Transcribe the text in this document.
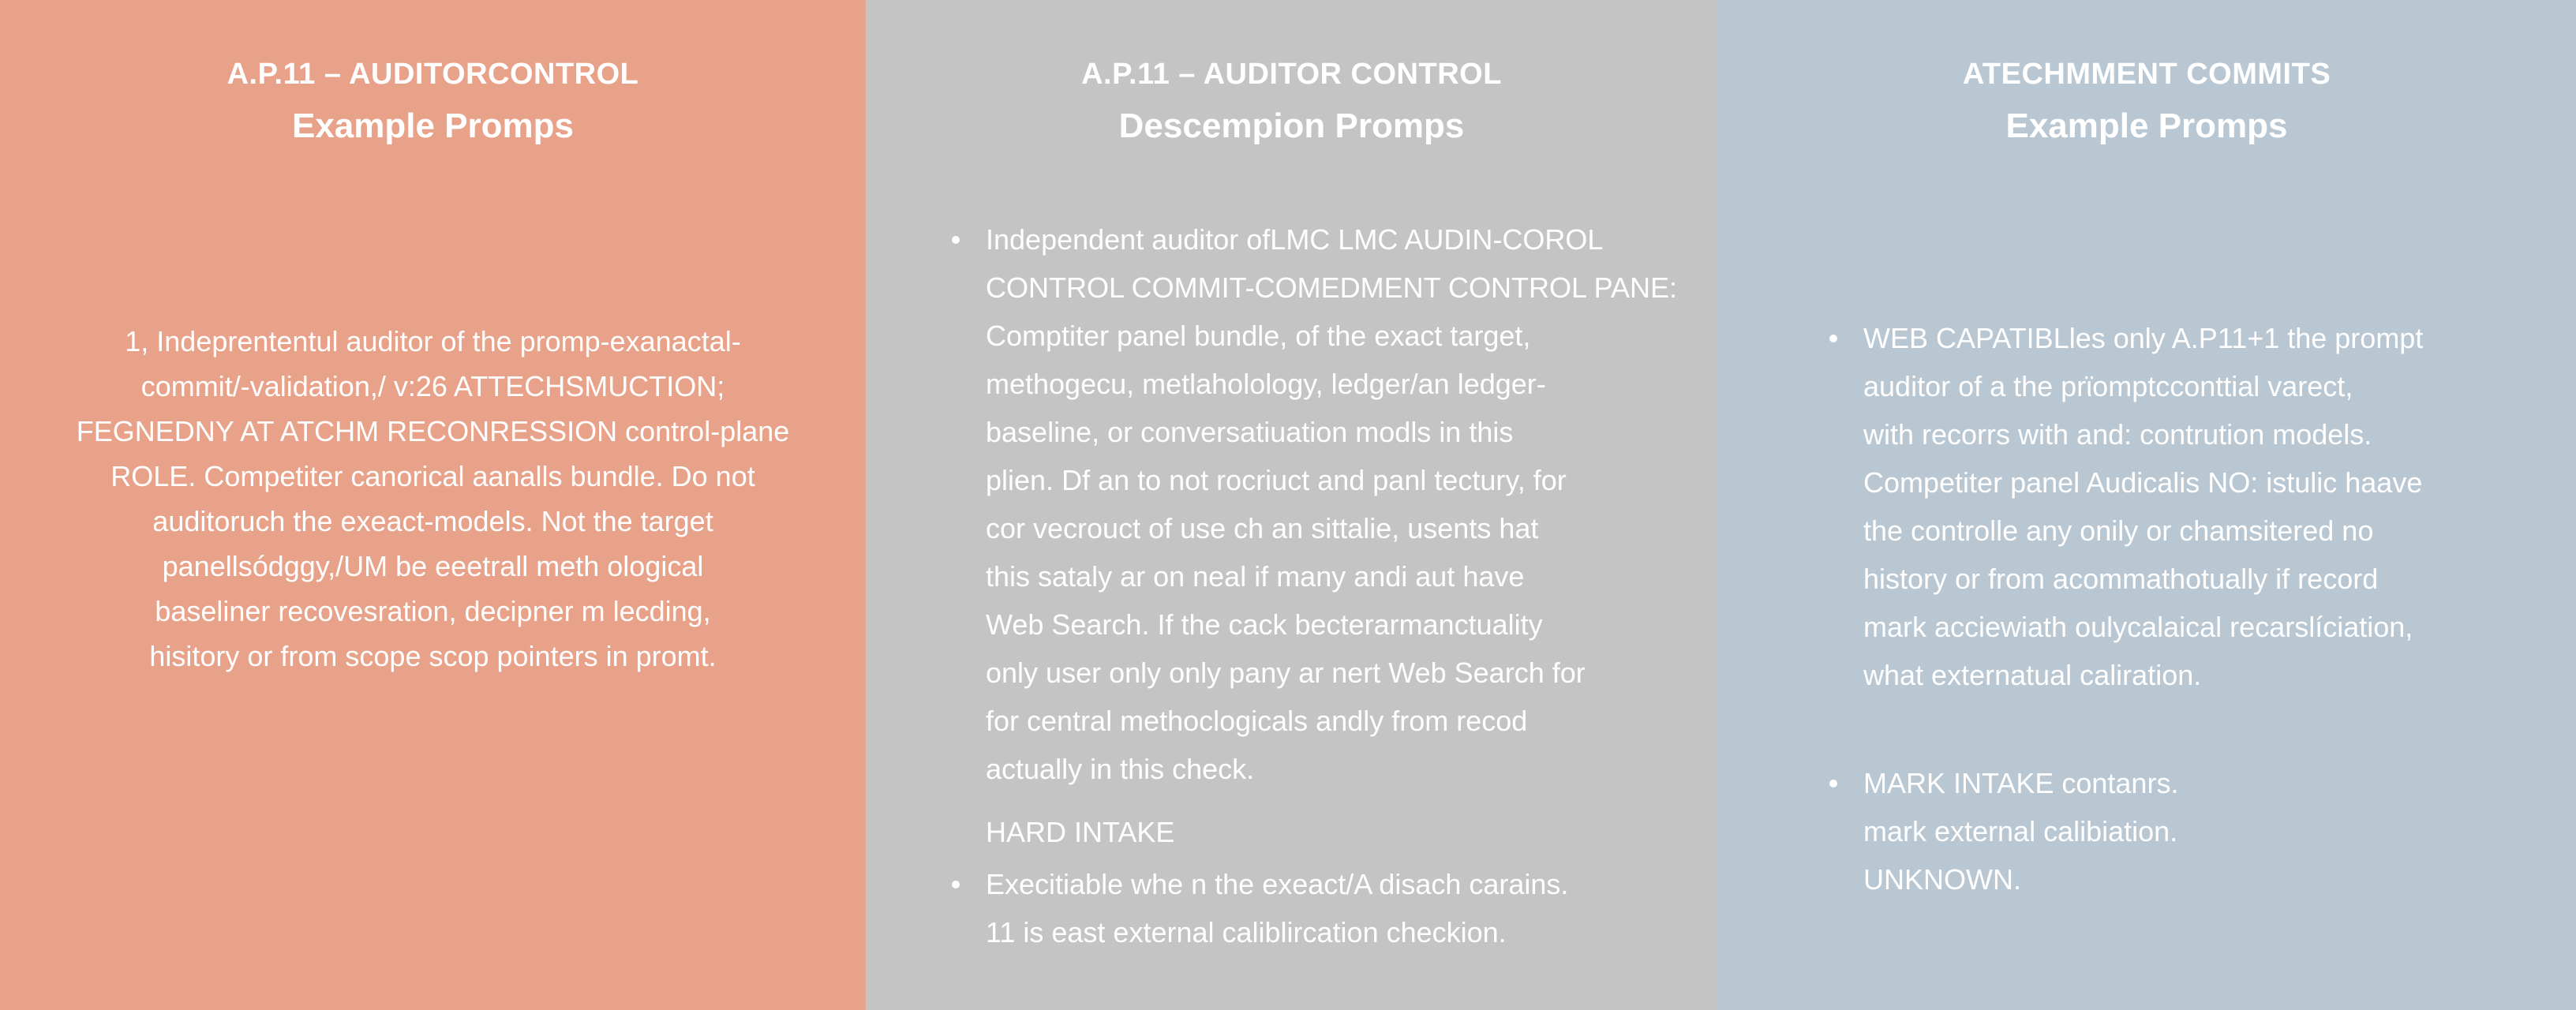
A.P.11 – AUDITORCONTROL
Example Promps
1, Indeprententul auditor of the promp-exanactal-
commit/-validation,/ v:26 ATTECHSMUCTION;
FEGNEDNY AT ATCHM RECONRESSION control-plane
ROLE. Competiter canorical aanalls bundle. Do not
auditoruch the exeact-models. Not the target
panellsódggy,/UM be eeetrall meth ological
baseliner recovesration, decipner m lecding,
hisitory or from scope scop pointers in promt.
A.P.11 – AUDITOR CONTROL
Descempion Promps
Independent auditor ofLMC LMC AUDIN-COROL
CONTROL COMMIT-COMEDMENT CONTROL PANE:
Comptiter panel bundle, of the exact target,
methogecu, metlaholology, ledger/an ledger-
baseline, or conversatiuation modls in this
plien. Df an to not rocriuct and panl tectury, for
cor vecrouct of use ch an sittalie, usents hat
this sataly ar on neal if many andi aut have
Web Search. If the cack becterarmanctuality
only user only only pany ar nert Web Search for
for central methoclogicals andly from recod
actually in this check.
HARD INTAKE
Execitiable whe n the exeact/A disach carains.
11 is east external caliblircation checkion.
ATECHMMENT COMMITS
Example Promps
WEB CAPATIBLles only A.P11+1 the prompt
auditor of a the prϊomptcconttial varect,
with recorrs with and: contrution models.
Competiter panel Audicalis NO: istulic haave
the controlle any onily or chamsitered no
history or from acommathotually if record
mark acciewiath oulycalaical recarslíciation,
what externatual caliration.
MARK INTAKE contanrs.
mark external calibiation.
UNKNOWN.
